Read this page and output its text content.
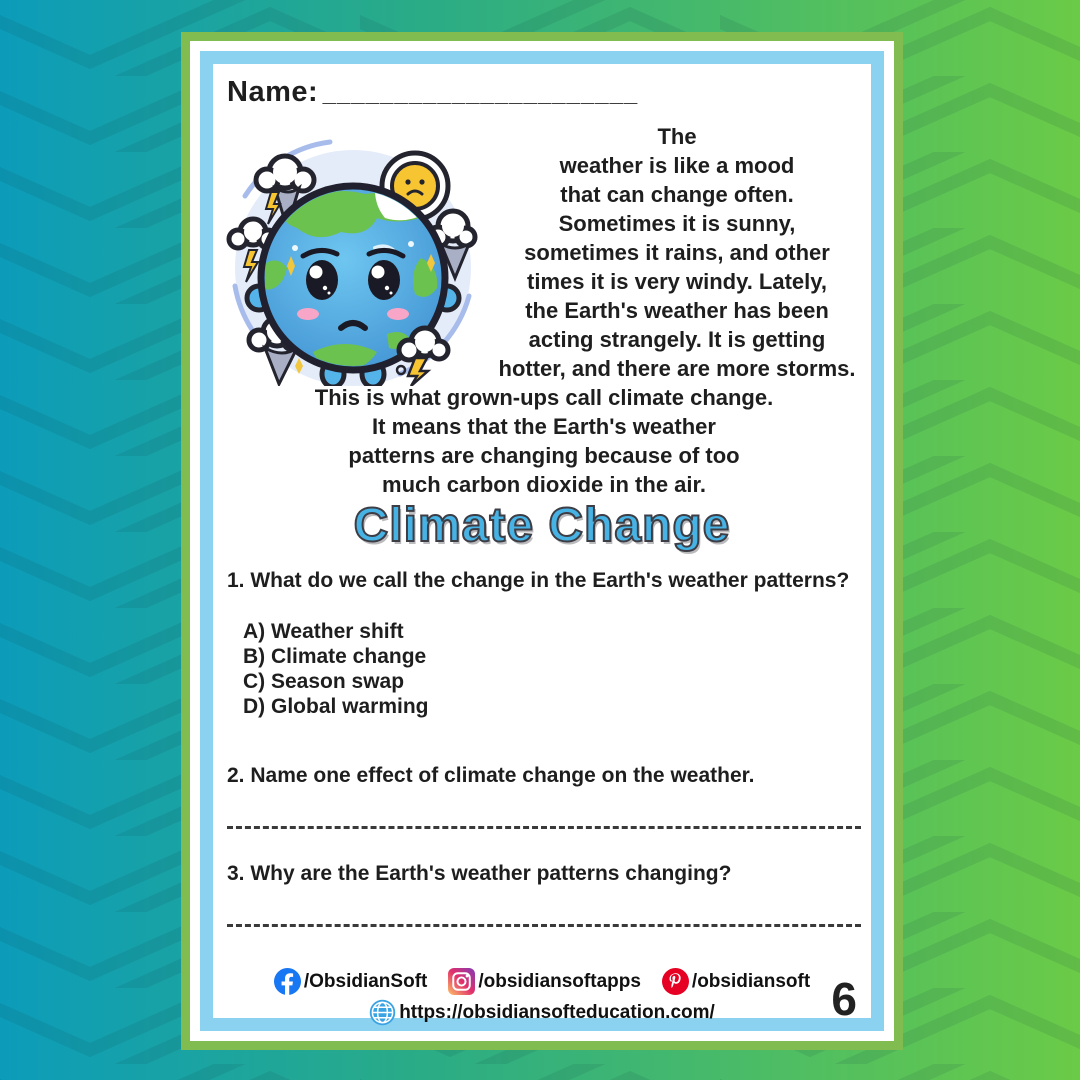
Name: ______________________
The
weather is like a mood
that can change often.
Sometimes it is sunny,
sometimes it rains, and other
times it is very windy. Lately,
the Earth's weather has been
acting strangely. It is getting
hotter, and there are more storms.
This is what grown-ups call climate change.
It means that the Earth's weather
patterns are changing because of too
much carbon dioxide in the air.
Climate Change
1. What do we call the change in the Earth's weather patterns?
A) Weather shift
B) Climate change
C) Season swap
D) Global warming
2. Name one effect of climate change on the weather.
3. Why are the Earth's weather patterns changing?
/ObsidianSoft	/obsidiansoftapps	/obsidiansoft
https://obsidiansofteducation.com/	6
